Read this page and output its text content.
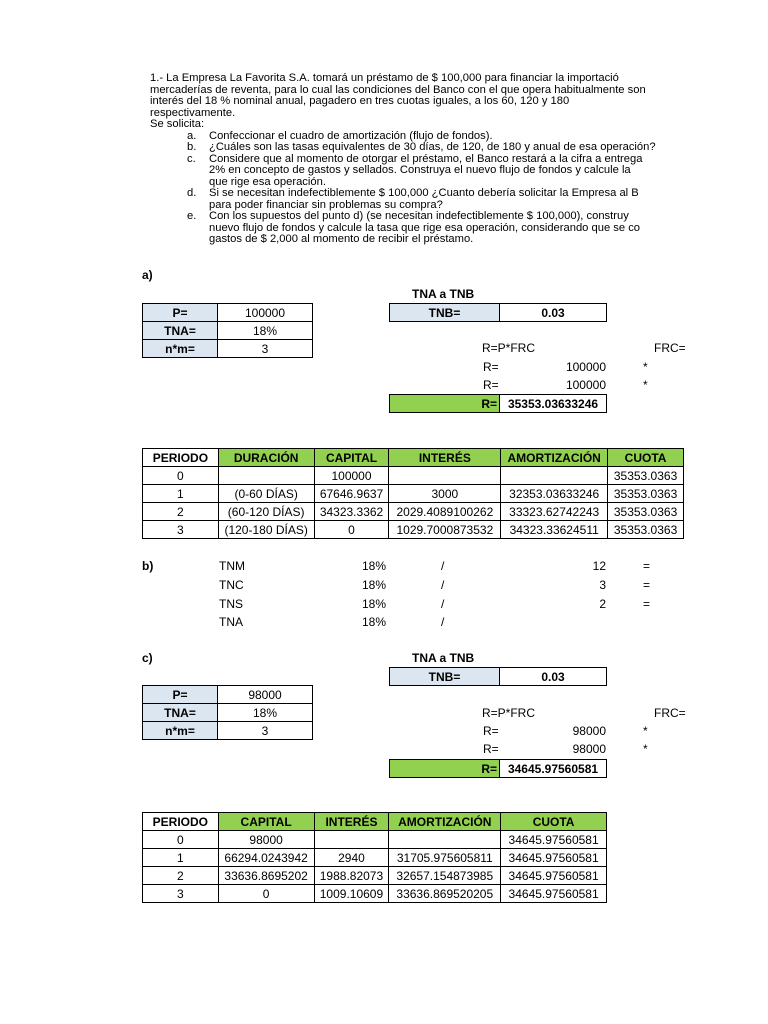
1.- La Empresa La Favorita S.A. tomará un préstamo de $ 100,000 para financiar la importació
mercaderías de reventa, para lo cual las condiciones del Banco con el que opera habitualmente son
interés del 18 % nominal anual, pagadero en tres cuotas iguales, a los 60, 120 y 180
respectivamente.
Se solicita:
a. Confeccionar el cuadro de amortización (flujo de fondos).
b. ¿Cuáles son las tasas equivalentes de 30 días, de 120, de 180 y anual de esa operación?
c. Considere que al momento de otorgar el préstamo, el Banco restará a la cifra a entrega
2% en concepto de gastos y sellados. Construya el nuevo flujo de fondos y calcule la
que rige esa operación.
d. Si se necesitan indefectiblemente $ 100,000 ¿Cuanto debería solicitar la Empresa al B
para poder financiar sin problemas su compra?
e. Con los supuestos del punto d) (se necesitan indefectiblemente $ 100,000), construy
nuevo flujo de fondos y calcule la tasa que rige esa operación, considerando que se co
gastos de $ 2,000 al momento de recibir el préstamo.
a)
P=	100000
TNA=	18%
n*m=	3
TNA a TNB
TNB=	0.03
R=P*FRC	FRC=
R=	100000	*
R=	100000	*
R= 35353.03633246
PERIODO	DURACIÓN	CAPITAL	INTERÉS	AMORTIZACIÓN	CUOTA
0		100000			35353.0363
1	(0-60 DÍAS)	67646.9637	3000	32353.03633246	35353.0363
2	(60-120 DÍAS)	34323.3362	2029.4089100262	33323.62742243	35353.0363
3	(120-180 DÍAS)	0	1029.7000873532	34323.33624511	35353.0363
b)	TNM	18%	/	12	=
TNC	18%	/	3	=
TNS	18%	/	2	=
TNA	18%	/
c)
P=	98000
TNA=	18%
n*m=	3
TNA a TNB
TNB=	0.03
R=P*FRC	FRC=
R=	98000	*
R=	98000	*
R= 34645.97560581
PERIODO	CAPITAL	INTERÉS	AMORTIZACIÓN	CUOTA
0	98000			34645.97560581
1	66294.0243942	2940	31705.975605811	34645.97560581
2	33636.8695202	1988.82073	32657.154873985	34645.97560581
3	0	1009.10609	33636.869520205	34645.97560581
